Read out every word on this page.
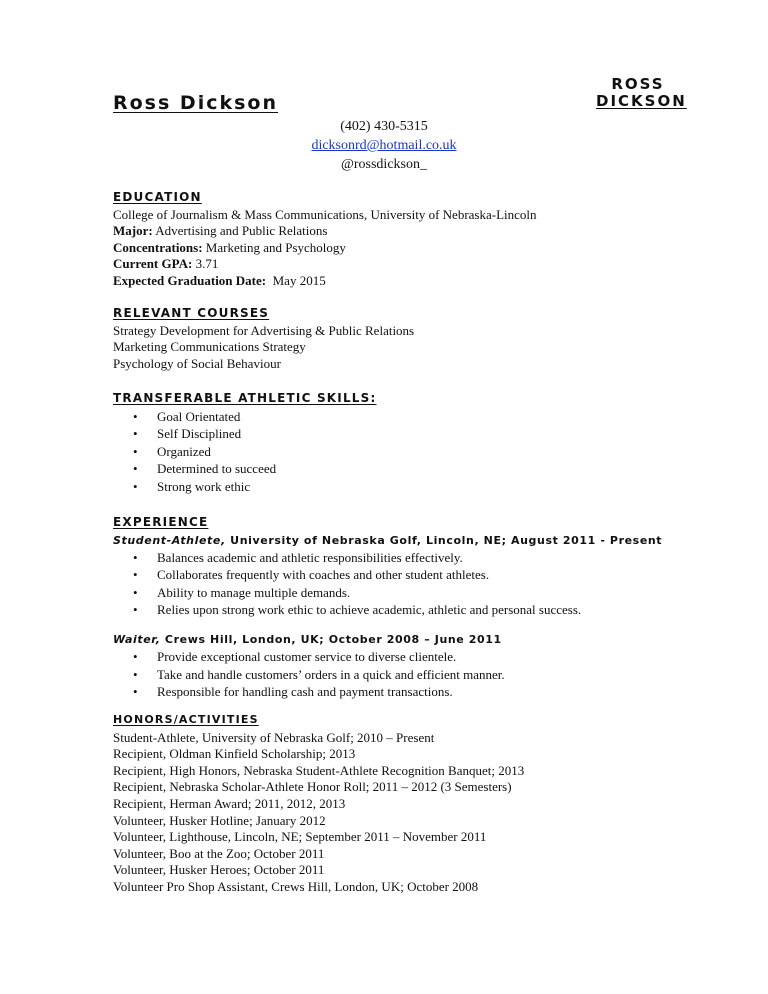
Ross Dickson
ROSS
DICKSON
(402) 430-5315
dicksonrd@hotmail.co.uk
@rossdickson_
EDUCATION
College of Journalism & Mass Communications, University of Nebraska-Lincoln
Major: Advertising and Public Relations
Concentrations: Marketing and Psychology
Current GPA: 3.71
Expected Graduation Date:  May 2015
RELEVANT COURSES
Strategy Development for Advertising & Public Relations
Marketing Communications Strategy
Psychology of Social Behaviour
TRANSFERABLE ATHLETIC SKILLS:
• Goal Orientated
• Self Disciplined
• Organized
• Determined to succeed
• Strong work ethic
EXPERIENCE
Student-Athlete, University of Nebraska Golf, Lincoln, NE; August 2011 - Present
• Balances academic and athletic responsibilities effectively.
• Collaborates frequently with coaches and other student athletes.
• Ability to manage multiple demands.
• Relies upon strong work ethic to achieve academic, athletic and personal success.
Waiter, Crews Hill, London, UK; October 2008 – June 2011
• Provide exceptional customer service to diverse clientele.
• Take and handle customers’ orders in a quick and efficient manner.
• Responsible for handling cash and payment transactions.
HONORS/ACTIVITIES
Student-Athlete, University of Nebraska Golf; 2010 – Present
Recipient, Oldman Kinfield Scholarship; 2013
Recipient, High Honors, Nebraska Student-Athlete Recognition Banquet; 2013
Recipient, Nebraska Scholar-Athlete Honor Roll; 2011 – 2012 (3 Semesters)
Recipient, Herman Award; 2011, 2012, 2013
Volunteer, Husker Hotline; January 2012
Volunteer, Lighthouse, Lincoln, NE; September 2011 – November 2011
Volunteer, Boo at the Zoo; October 2011
Volunteer, Husker Heroes; October 2011
Volunteer Pro Shop Assistant, Crews Hill, London, UK; October 2008
